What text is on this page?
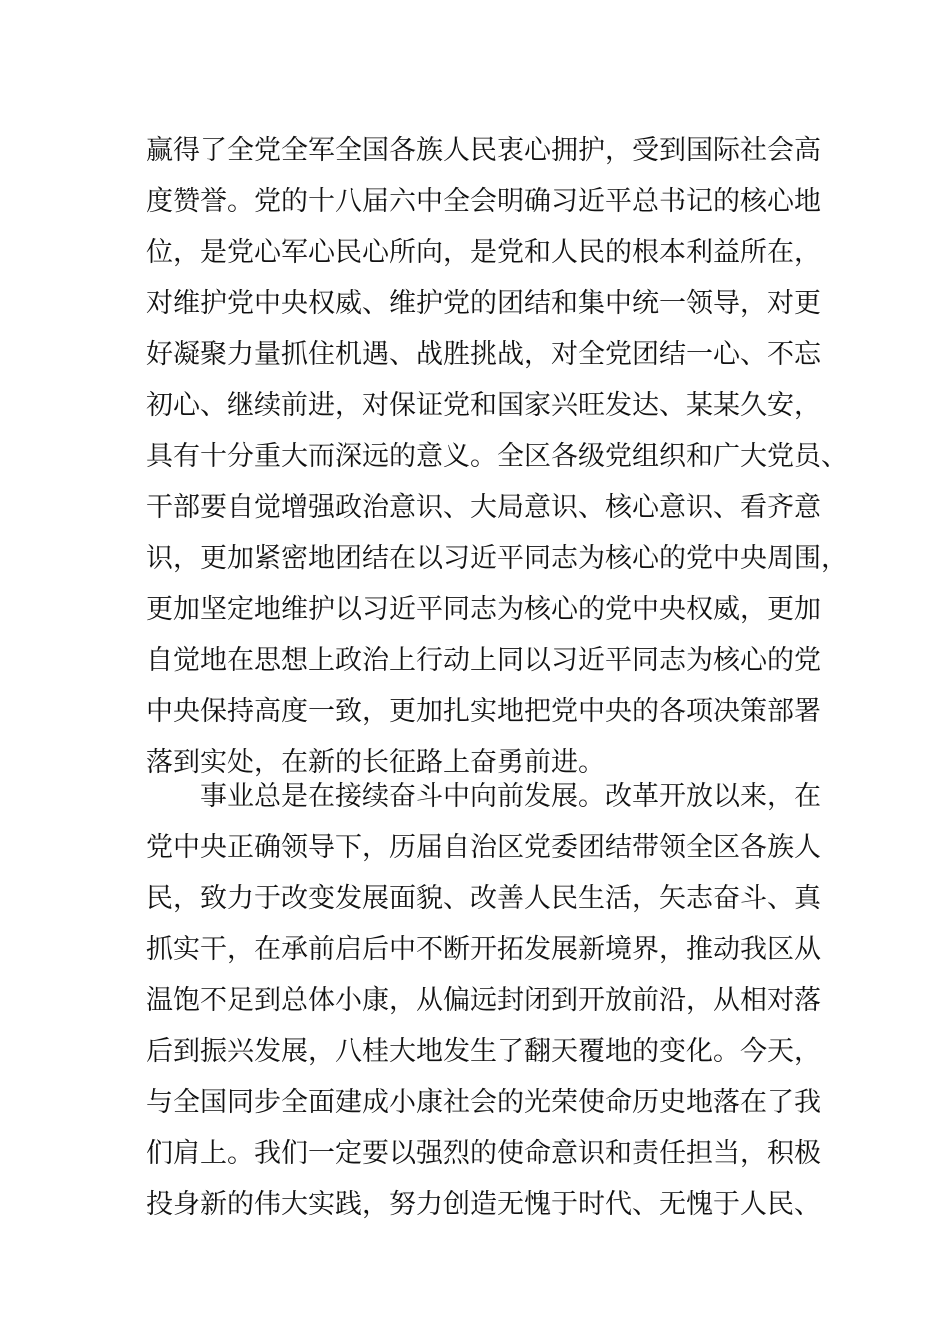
赢得了全党全军全国各族人民衷心拥护，受到国际社会高
度赞誉。党的十八届六中全会明确习近平总书记的核心地
位，是党心军心民心所向，是党和人民的根本利益所在，
对维护党中央权威、维护党的团结和集中统一领导，对更
好凝聚力量抓住机遇、战胜挑战，对全党团结一心、不忘
初心、继续前进，对保证党和国家兴旺发达、某某久安，
具有十分重大而深远的意义。全区各级党组织和广大党员、
干部要自觉增强政治意识、大局意识、核心意识、看齐意
识，更加紧密地团结在以习近平同志为核心的党中央周围，
更加坚定地维护以习近平同志为核心的党中央权威，更加
自觉地在思想上政治上行动上同以习近平同志为核心的党
中央保持高度一致，更加扎实地把党中央的各项决策部署
落到实处，在新的长征路上奋勇前进。
事业总是在接续奋斗中向前发展。改革开放以来，在
党中央正确领导下，历届自治区党委团结带领全区各族人
民，致力于改变发展面貌、改善人民生活，矢志奋斗、真
抓实干，在承前启后中不断开拓发展新境界，推动我区从
温饱不足到总体小康，从偏远封闭到开放前沿，从相对落
后到振兴发展，八桂大地发生了翻天覆地的变化。今天，
与全国同步全面建成小康社会的光荣使命历史地落在了我
们肩上。我们一定要以强烈的使命意识和责任担当，积极
投身新的伟大实践，努力创造无愧于时代、无愧于人民、
